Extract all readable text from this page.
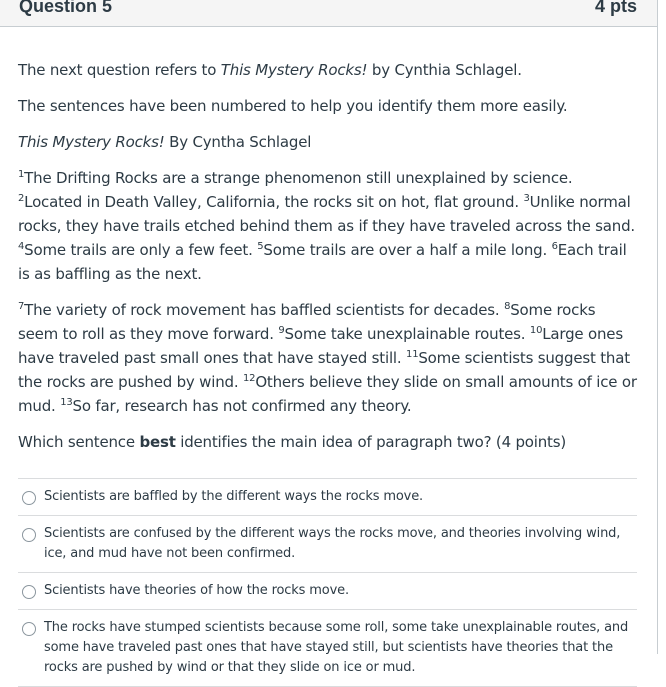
Question 5	4 pts

The next question refers to This Mystery Rocks! by Cynthia Schlagel.

The sentences have been numbered to help you identify them more easily.

This Mystery Rocks! By Cyntha Schlagel

$^1$The Drifting Rocks are a strange phenomenon still unexplained by science. $^2$Located in Death Valley, California, the rocks sit on hot, flat ground. $^3$Unlike normal rocks, they have trails etched behind them as if they have traveled across the sand. $^4$Some trails are only a few feet. $^5$Some trails are over a half a mile long. $^6$Each trail is as baffling as the next.

$^7$The variety of rock movement has baffled scientists for decades. $^8$Some rocks seem to roll as they move forward. $^9$Some take unexplainable routes. $^{10}$Large ones have traveled past small ones that have stayed still. $^{11}$Some scientists suggest that the rocks are pushed by wind. $^{12}$Others believe they slide on small amounts of ice or mud. $^{13}$So far, research has not confirmed any theory.

Which sentence best identifies the main idea of paragraph two? (4 points)

Scientists are baffled by the different ways the rocks move.
Scientists are confused by the different ways the rocks move, and theories involving wind, ice, and mud have not been confirmed.
Scientists have theories of how the rocks move.
The rocks have stumped scientists because some roll, some take unexplainable routes, and some have traveled past ones that have stayed still, but scientists have theories that the rocks are pushed by wind or that they slide on ice or mud.
